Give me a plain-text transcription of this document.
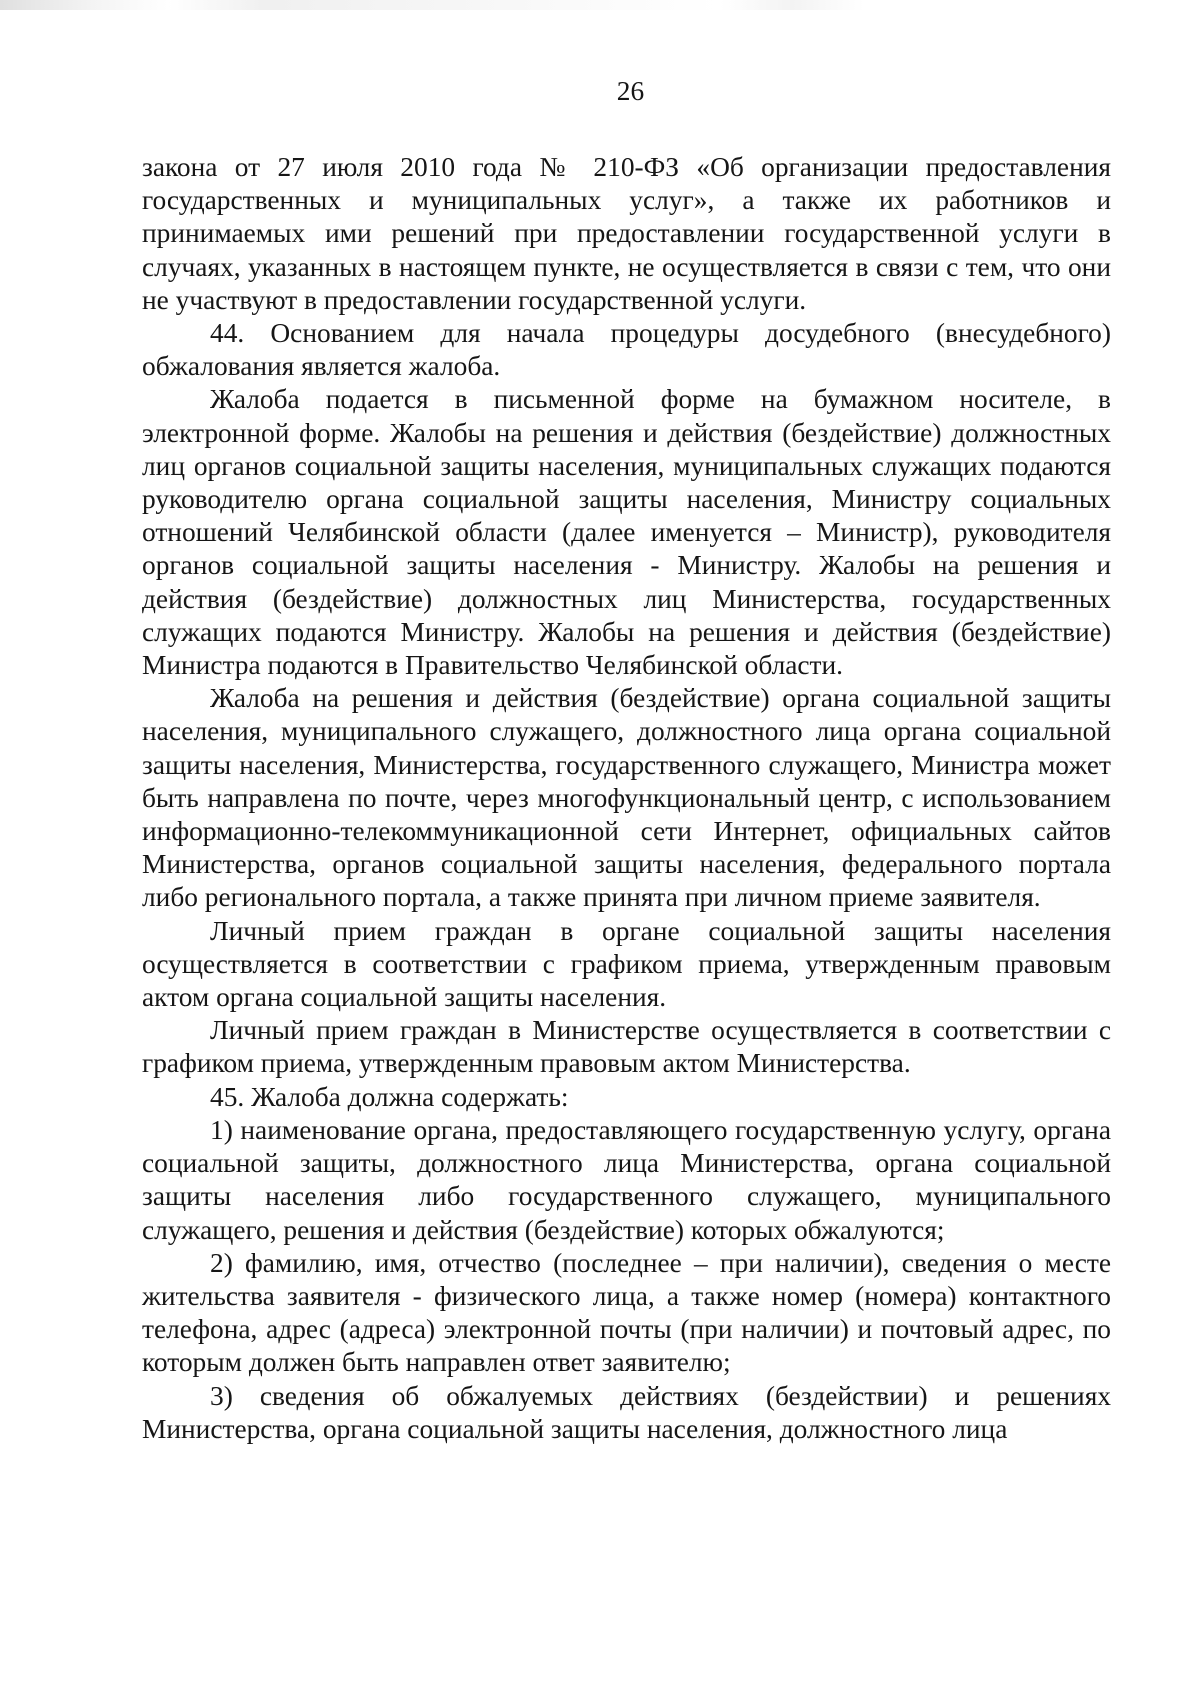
26

закона от 27 июля 2010 года № 210-ФЗ «Об организации предоставления государственных и муниципальных услуг», а также их работников и принимаемых ими решений при предоставлении государственной услуги в случаях, указанных в настоящем пункте, не осуществляется в связи с тем, что они не участвуют в предоставлении государственной услуги.

44. Основанием для начала процедуры досудебного (внесудебного) обжалования является жалоба.

Жалоба подается в письменной форме на бумажном носителе, в электронной форме. Жалобы на решения и действия (бездействие) должностных лиц органов социальной защиты населения, муниципальных служащих подаются руководителю органа социальной защиты населения, Министру социальных отношений Челябинской области (далее именуется – Министр), руководителя органов социальной защиты населения - Министру. Жалобы на решения и действия (бездействие) должностных лиц Министерства, государственных служащих подаются Министру. Жалобы на решения и действия (бездействие) Министра подаются в Правительство Челябинской области.

Жалоба на решения и действия (бездействие) органа социальной защиты населения, муниципального служащего, должностного лица органа социальной защиты населения, Министерства, государственного служащего, Министра может быть направлена по почте, через многофункциональный центр, с использованием информационно-телекоммуникационной сети Интернет, официальных сайтов Министерства, органов социальной защиты населения, федерального портала либо регионального портала, а также принята при личном приеме заявителя.

Личный прием граждан в органе социальной защиты населения осуществляется в соответствии с графиком приема, утвержденным правовым актом органа социальной защиты населения.

Личный прием граждан в Министерстве осуществляется в соответствии с графиком приема, утвержденным правовым актом Министерства.

45. Жалоба должна содержать:

1) наименование органа, предоставляющего государственную услугу, органа социальной защиты, должностного лица Министерства, органа социальной защиты населения либо государственного служащего, муниципального служащего, решения и действия (бездействие) которых обжалуются;

2) фамилию, имя, отчество (последнее – при наличии), сведения о месте жительства заявителя - физического лица, а также номер (номера) контактного телефона, адрес (адреса) электронной почты (при наличии) и почтовый адрес, по которым должен быть направлен ответ заявителю;

3) сведения об обжалуемых действиях (бездействии) и решениях Министерства, органа социальной защиты населения, должностного лица
